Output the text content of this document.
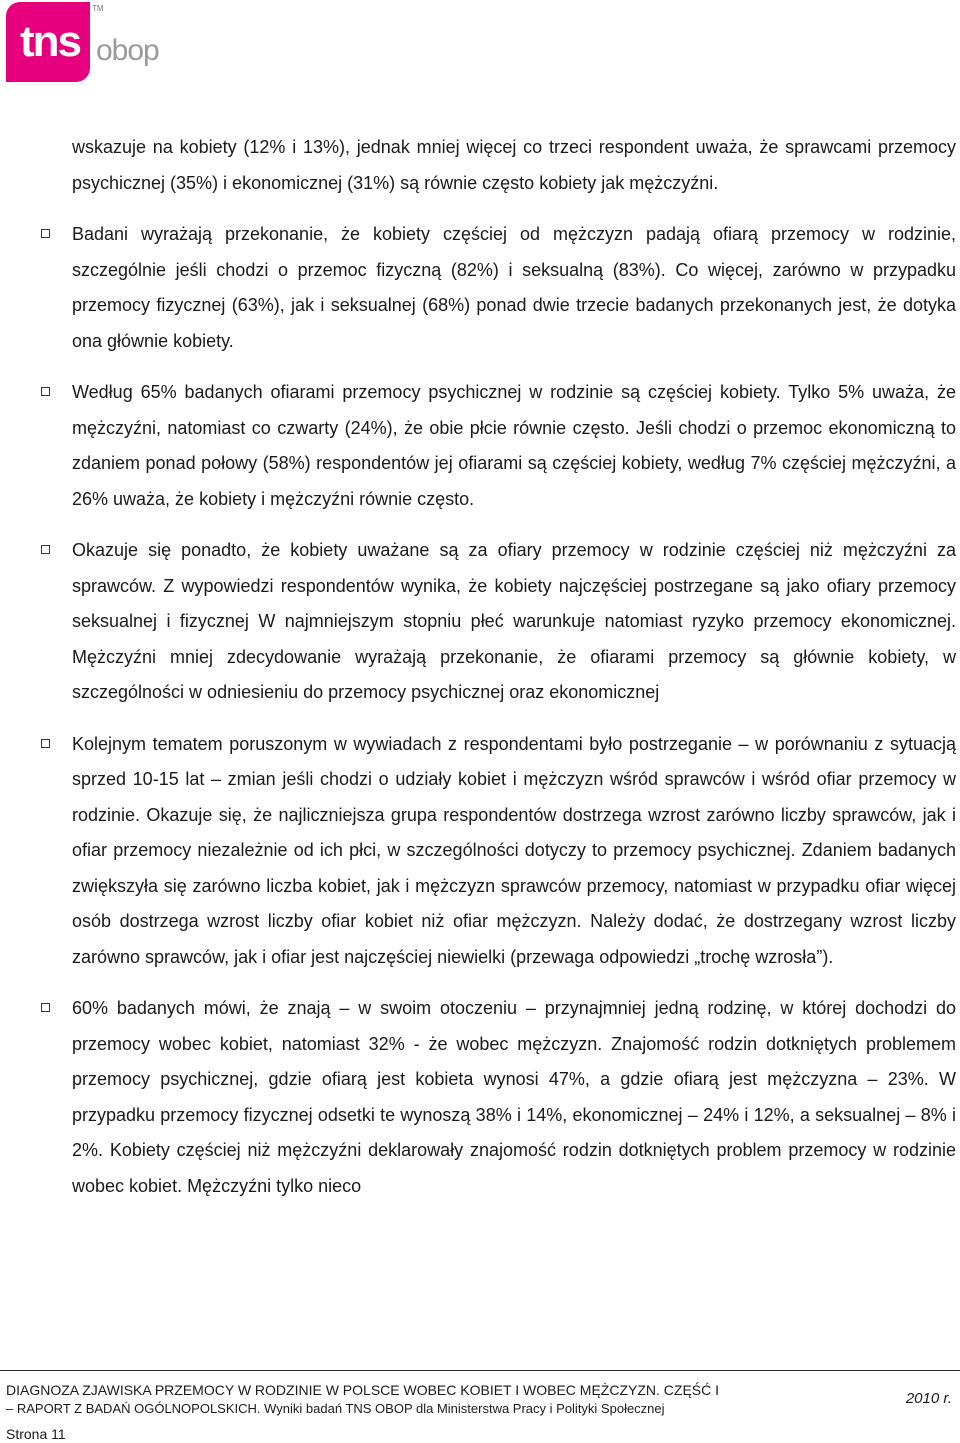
tns
TM
obop

wskazuje na kobiety (12% i 13%), jednak mniej więcej co trzeci respondent uważa, że sprawcami przemocy psychicznej (35%) i ekonomicznej (31%) są równie często kobiety jak mężczyźni.

Badani wyrażają przekonanie, że kobiety częściej od mężczyzn padają ofiarą przemocy w rodzinie, szczególnie jeśli chodzi o przemoc fizyczną (82%) i seksualną (83%). Co więcej, zarówno w przypadku przemocy fizycznej (63%), jak i seksualnej (68%) ponad dwie trzecie badanych przekonanych jest, że dotyka ona głównie kobiety.

Według 65% badanych ofiarami przemocy psychicznej w rodzinie są częściej kobiety. Tylko 5% uważa, że mężczyźni, natomiast co czwarty (24%), że obie płcie równie często. Jeśli chodzi o przemoc ekonomiczną to zdaniem ponad połowy (58%) respondentów jej ofiarami są częściej kobiety, według 7% częściej mężczyźni, a 26% uważa, że kobiety i mężczyźni równie często.

Okazuje się ponadto, że kobiety uważane są za ofiary przemocy w rodzinie częściej niż mężczyźni za sprawców. Z wypowiedzi respondentów wynika, że kobiety najczęściej postrzegane są jako ofiary przemocy seksualnej i fizycznej W najmniejszym stopniu płeć warunkuje natomiast ryzyko przemocy ekonomicznej. Mężczyźni mniej zdecydowanie wyrażają przekonanie, że ofiarami przemocy są głównie kobiety, w szczególności w odniesieniu do przemocy psychicznej oraz ekonomicznej

Kolejnym tematem poruszonym w wywiadach z respondentami było postrzeganie – w porównaniu z sytuacją sprzed 10-15 lat – zmian jeśli chodzi o udziały kobiet i mężczyzn wśród sprawców i wśród ofiar przemocy w rodzinie. Okazuje się, że najliczniejsza grupa respondentów dostrzega wzrost zarówno liczby sprawców, jak i ofiar przemocy niezależnie od ich płci, w szczególności dotyczy to przemocy psychicznej. Zdaniem badanych zwiększyła się zarówno liczba kobiet, jak i mężczyzn sprawców przemocy, natomiast w przypadku ofiar więcej osób dostrzega wzrost liczby ofiar kobiet niż ofiar mężczyzn. Należy dodać, że dostrzegany wzrost liczby zarówno sprawców, jak i ofiar jest najczęściej niewielki (przewaga odpowiedzi „trochę wzrosła”).

60% badanych mówi, że znają – w swoim otoczeniu – przynajmniej jedną rodzinę, w której dochodzi do przemocy wobec kobiet, natomiast 32% - że wobec mężczyzn. Znajomość rodzin dotkniętych problemem przemocy psychicznej, gdzie ofiarą jest kobieta wynosi 47%, a gdzie ofiarą jest mężczyzna – 23%. W przypadku przemocy fizycznej odsetki te wynoszą 38% i 14%, ekonomicznej – 24% i 12%, a seksualnej – 8% i 2%. Kobiety częściej niż mężczyźni deklarowały znajomość rodzin dotkniętych problem przemocy w rodzinie wobec kobiet. Mężczyźni tylko nieco

DIAGNOZA ZJAWISKA PRZEMOCY W RODZINIE W POLSCE WOBEC KOBIET I WOBEC MĘŻCZYZN. CZĘŚĆ I
– RAPORT Z BADAŃ OGÓLNOPOLSKICH. Wyniki badań TNS OBOP dla Ministerstwa Pracy i Polityki Społecznej
2010 r.
Strona 11
